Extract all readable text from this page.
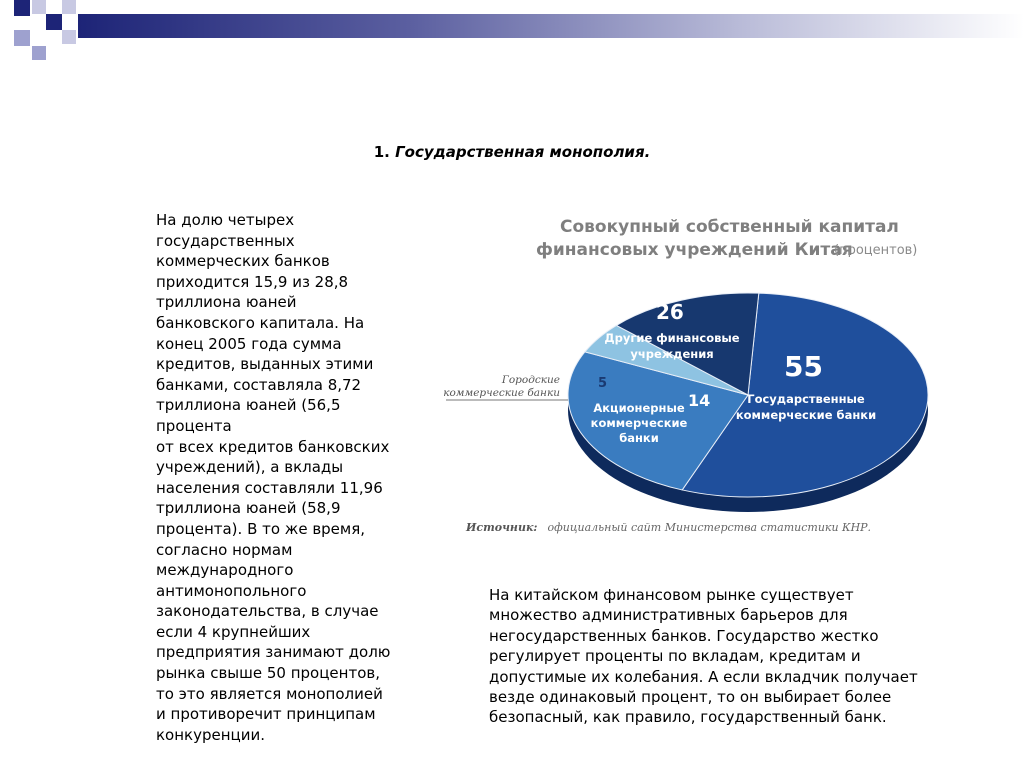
1. Государственная монополия.
На долю четырех
государственных
коммерческих банков
приходится 15,9 из 28,8
триллиона юаней
банковского капитала. На
конец 2005 года сумма
кредитов, выданных этими
банками, составляла 8,72
триллиона юаней (56,5
процента
от всех кредитов банковских
учреждений), а вклады
населения составляли 11,96
триллиона юаней (58,9
процента). В то же время,
согласно нормам
международного
антимонопольного
законодательства, в случае
если 4 крупнейших
предприятия занимают долю
рынка свыше 50 процентов,
то это является монополией
и противоречит принципам
конкуренции.
Совокупный собственный капитал
финансовых учреждений Китая
(процентов)
55
Государственные
коммерческие банки
26
Другие финансовые
учреждения
5
Городские
коммерческие банки	14
Акционерные
коммерческие
банки
Источник: официальный сайт Министерства статистики КНР.
На китайском финансовом рынке существует
множество административных барьеров для
негосударственных банков. Государство жестко
регулирует проценты по вкладам, кредитам и
допустимые их колебания. А если вкладчик получает
везде одинаковый процент, то он выбирает более
безопасный, как правило, государственный банк.
